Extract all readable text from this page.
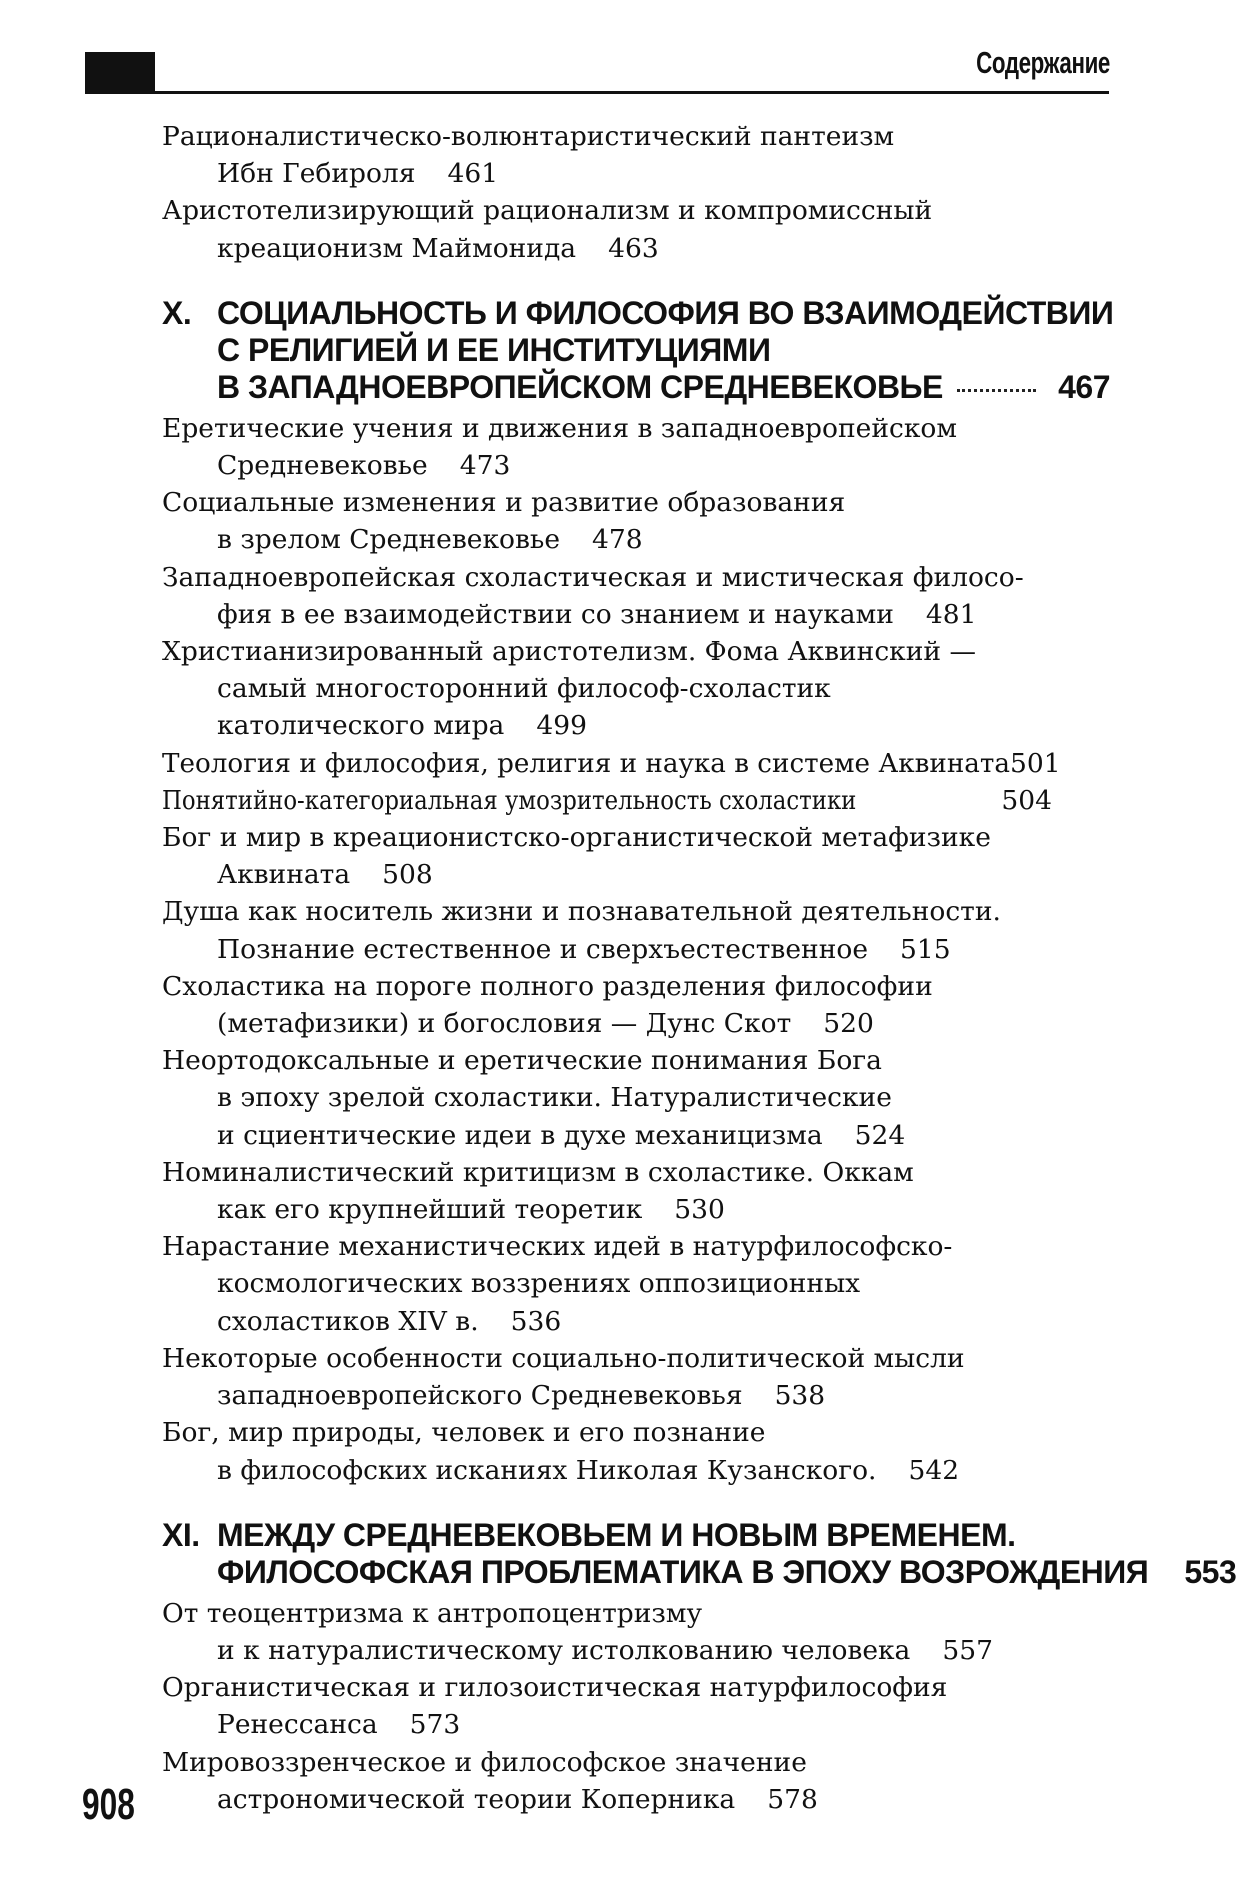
Содержание
Рационалистическо-волюнтаристический пантеизм
Ибн Гебироля 461
Аристотелизирующий рационализм и компромиссный
креационизм Маймонида 463
X. СОЦИАЛЬНОСТЬ И ФИЛОСОФИЯ ВО ВЗАИМОДЕЙСТВИИ
С РЕЛИГИЕЙ И ЕЕ ИНСТИТУЦИЯМИ
В ЗАПАДНОЕВРОПЕЙСКОМ СРЕДНЕВЕКОВЬЕ	467
Еретические учения и движения в западноевропейском
Средневековье 473
Социальные изменения и развитие образования
в зрелом Средневековье 478
Западноевропейская схоластическая и мистическая филосо-
фия в ее взаимодействии со знанием и науками 481
Христианизированный аристотелизм. Фома Аквинский —
самый многосторонний философ-схоластик
католического мира 499
Теология и философия, религия и наука в системе Аквината501
Понятийно-категориальная умозрительность схоластики	504
Бог и мир в креационистско-органистической метафизике
Аквината 508
Душа как носитель жизни и познавательной деятельности.
Познание естественное и сверхъестественное 515
Схоластика на пороге полного разделения философии
(метафизики) и богословия — Дунс Скот 520
Неортодоксальные и еретические понимания Бога
в эпоху зрелой схоластики. Натуралистические
и сциентические идеи в духе механицизма 524
Номиналистический критицизм в схоластике. Оккам
как его крупнейший теоретик 530
Нарастание механистических идей в натурфилософско-
космологических воззрениях оппозиционных
схоластиков XIV в. 536
Некоторые особенности социально-политической мысли
западноевропейского Средневековья 538
Бог, мир природы, человек и его познание
в философских исканиях Николая Кузанского. 542
XI. МЕЖДУ СРЕДНЕВЕКОВЬЕМ И НОВЫМ ВРЕМЕНЕМ.
ФИЛОСОФСКАЯ ПРОБЛЕМАТИКА В ЭПОХУ ВОЗРОЖДЕНИЯ 553
От теоцентризма к антропоцентризму
и к натуралистическому истолкованию человека 557
Органистическая и гилозоистическая натурфилософия
Ренессанса 573
Мировоззренческое и философское значение
астрономической теории Коперника 578
908
